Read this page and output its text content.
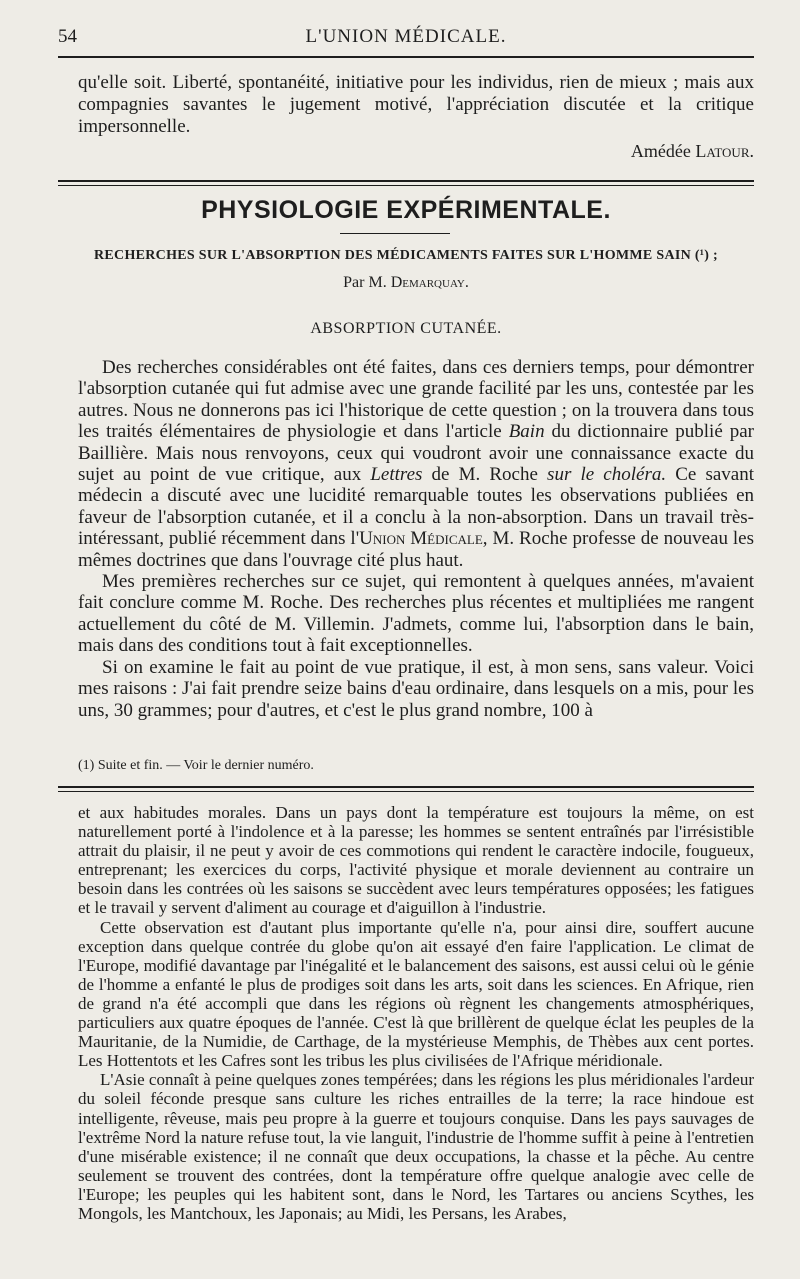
54	L'UNION MÉDICALE.
qu'elle soit. Liberté, spontanéité, initiative pour les individus, rien de mieux ; mais aux compagnies savantes le jugement motivé, l'appréciation discutée et la critique impersonnelle.
Amédée Latour.
PHYSIOLOGIE EXPÉRIMENTALE.
RECHERCHES SUR L'ABSORPTION DES MÉDICAMENTS FAITES SUR L'HOMME SAIN (¹) ;
Par M. Demarquay.
ABSORPTION CUTANÉE.

Des recherches considérables ont été faites, dans ces derniers temps, pour démontrer l'absorption cutanée qui fut admise avec une grande facilité par les uns, contestée par les autres. Nous ne donnerons pas ici l'historique de cette question ; on la trouvera dans tous les traités élémentaires de physiologie et dans l'article Bain du dictionnaire publié par Baillière. Mais nous renvoyons, ceux qui voudront avoir une connaissance exacte du sujet au point de vue critique, aux Lettres de M. Roche sur le choléra. Ce savant médecin a discuté avec une lucidité remarquable toutes les observations publiées en faveur de l'absorption cutanée, et il a conclu à la non-absorption. Dans un travail très-intéressant, publié récemment dans l'Union Médicale, M. Roche professe de nouveau les mêmes doctrines que dans l'ouvrage cité plus haut.

Mes premières recherches sur ce sujet, qui remontent à quelques années, m'avaient fait conclure comme M. Roche. Des recherches plus récentes et multipliées me rangent actuellement du côté de M. Villemin. J'admets, comme lui, l'absorption dans le bain, mais dans des conditions tout à fait exceptionnelles.

Si on examine le fait au point de vue pratique, il est, à mon sens, sans valeur. Voici mes raisons : J'ai fait prendre seize bains d'eau ordinaire, dans lesquels on a mis, pour les uns, 30 grammes; pour d'autres, et c'est le plus grand nombre, 100 à

(1) Suite et fin. — Voir le dernier numéro.

et aux habitudes morales. Dans un pays dont la température est toujours la même, on est naturellement porté à l'indolence et à la paresse; les hommes se sentent entraînés par l'irrésistible attrait du plaisir, il ne peut y avoir de ces commotions qui rendent le caractère indocile, fougueux, entreprenant; les exercices du corps, l'activité physique et morale deviennent au contraire un besoin dans les contrées où les saisons se succèdent avec leurs températures opposées; les fatigues et le travail y servent d'aliment au courage et d'aiguillon à l'industrie.

Cette observation est d'autant plus importante qu'elle n'a, pour ainsi dire, souffert aucune exception dans quelque contrée du globe qu'on ait essayé d'en faire l'application. Le climat de l'Europe, modifié davantage par l'inégalité et le balancement des saisons, est aussi celui où le génie de l'homme a enfanté le plus de prodiges soit dans les arts, soit dans les sciences. En Afrique, rien de grand n'a été accompli que dans les régions où règnent les changements atmosphériques, particuliers aux quatre époques de l'année. C'est là que brillèrent de quelque éclat les peuples de la Mauritanie, de la Numidie, de Carthage, de la mystérieuse Memphis, de Thèbes aux cent portes. Les Hottentots et les Cafres sont les tribus les plus civilisées de l'Afrique méridionale.

L'Asie connaît à peine quelques zones tempérées; dans les régions les plus méridionales l'ardeur du soleil féconde presque sans culture les riches entrailles de la terre; la race hindoue est intelligente, rêveuse, mais peu propre à la guerre et toujours conquise. Dans les pays sauvages de l'extrême Nord la nature refuse tout, la vie languit, l'industrie de l'homme suffit à peine à l'entretien d'une misérable existence; il ne connaît que deux occupations, la chasse et la pêche. Au centre seulement se trouvent des contrées, dont la température offre quelque analogie avec celle de l'Europe; les peuples qui les habitent sont, dans le Nord, les Tartares ou anciens Scythes, les Mongols, les Mantchoux, les Japonais; au Midi, les Persans, les Arabes,
